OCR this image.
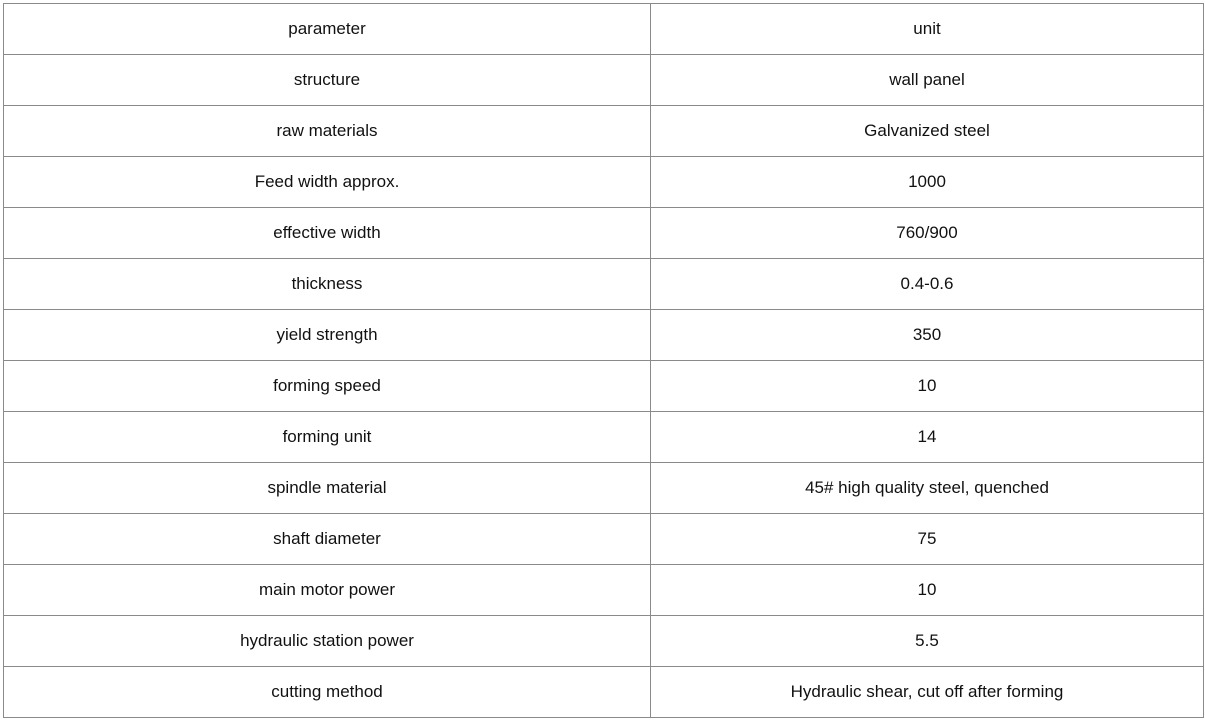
parameter	unit
structure	wall panel
raw materials	Galvanized steel
Feed width approx.	1000
effective width	760/900
thickness	0.4-0.6
yield strength	350
forming speed	10
forming unit	14
spindle material	45# high quality steel, quenched
shaft diameter	75
main motor power	10
hydraulic station power	5.5
cutting method	Hydraulic shear, cut off after forming
